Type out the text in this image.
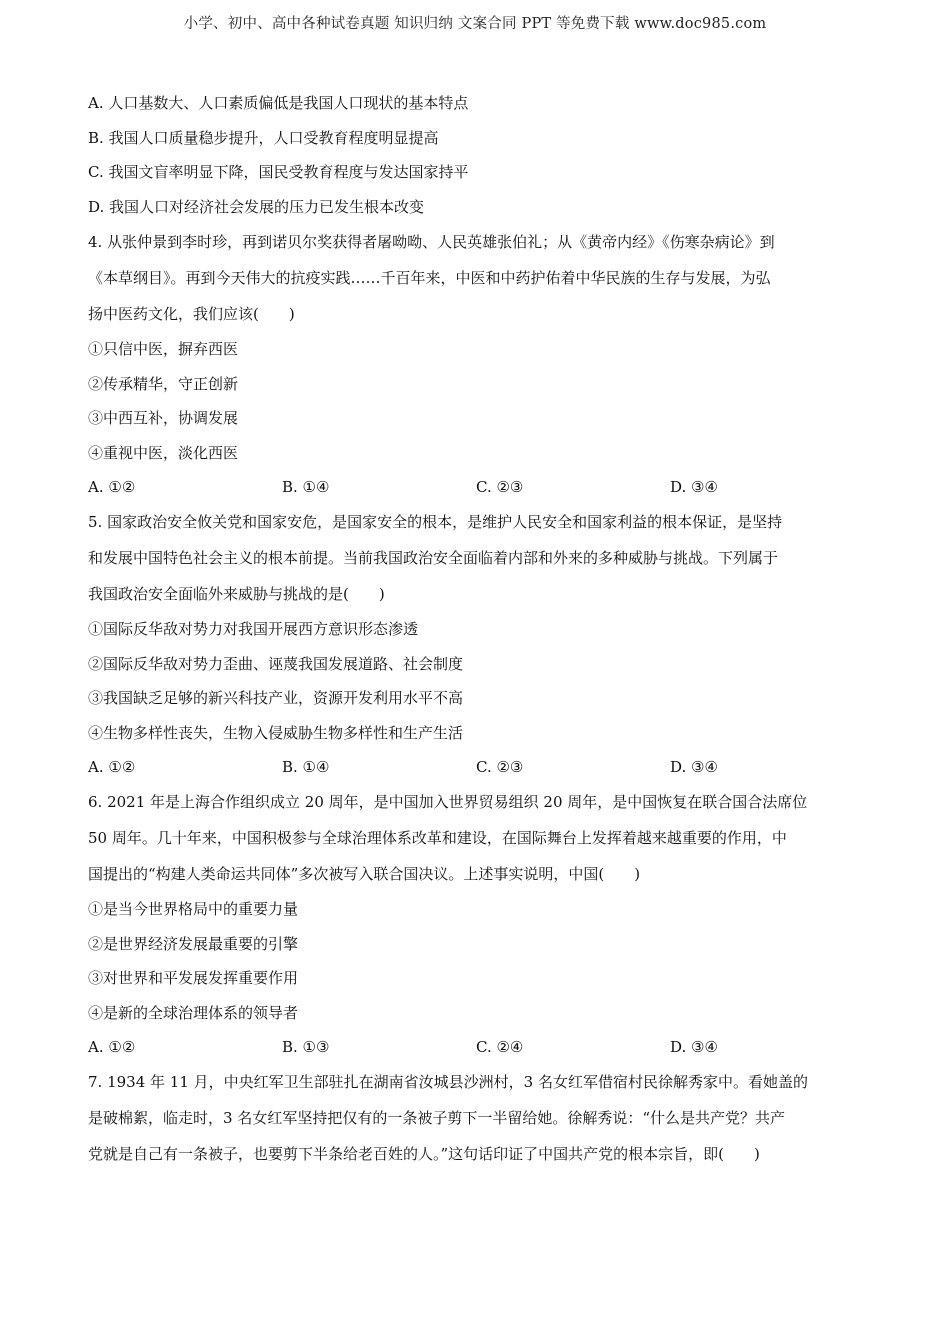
小学、初中、高中各种试卷真题 知识归纳 文案合同 PPT 等免费下载 www.doc985.com
A. 人口基数大、人口素质偏低是我国人口现状的基本特点
B. 我国人口质量稳步提升，人口受教育程度明显提高
C. 我国文盲率明显下降，国民受教育程度与发达国家持平
D. 我国人口对经济社会发展的压力已发生根本改变
4. 从张仲景到李时珍，再到诺贝尔奖获得者屠呦呦、人民英雄张伯礼；从《黄帝内经》《伤寒杂病论》到
《本草纲目》。再到今天伟大的抗疫实践……千百年来，中医和中药护佑着中华民族的生存与发展，为弘
扬中医药文化，我们应该(　　)
①只信中医，摒弃西医
②传承精华，守正创新
③中西互补，协调发展
④重视中医，淡化西医
A. ①②	B. ①④	C. ②③	D. ③④
5. 国家政治安全攸关党和国家安危，是国家安全的根本，是维护人民安全和国家利益的根本保证，是坚持
和发展中国特色社会主义的根本前提。当前我国政治安全面临着内部和外来的多种威胁与挑战。下列属于
我国政治安全面临外来威胁与挑战的是(　　)
①国际反华敌对势力对我国开展西方意识形态渗透
②国际反华敌对势力歪曲、诬蔑我国发展道路、社会制度
③我国缺乏足够的新兴科技产业，资源开发利用水平不高
④生物多样性丧失，生物入侵威胁生物多样性和生产生活
A. ①②	B. ①④	C. ②③	D. ③④
6. 2021 年是上海合作组织成立 20 周年，是中国加入世界贸易组织 20 周年，是中国恢复在联合国合法席位
50 周年。几十年来，中国积极参与全球治理体系改革和建设，在国际舞台上发挥着越来越重要的作用，中
国提出的“构建人类命运共同体”多次被写入联合国决议。上述事实说明，中国(　　)
①是当今世界格局中的重要力量
②是世界经济发展最重要的引擎
③对世界和平发展发挥重要作用
④是新的全球治理体系的领导者
A. ①②	B. ①③	C. ②④	D. ③④
7. 1934 年 11 月，中央红军卫生部驻扎在湖南省汝城县沙洲村，3 名女红军借宿村民徐解秀家中。看她盖的
是破棉絮，临走时，3 名女红军坚持把仅有的一条被子剪下一半留给她。徐解秀说：“什么是共产党？共产
党就是自己有一条被子，也要剪下半条给老百姓的人。”这句话印证了中国共产党的根本宗旨，即(　　)
